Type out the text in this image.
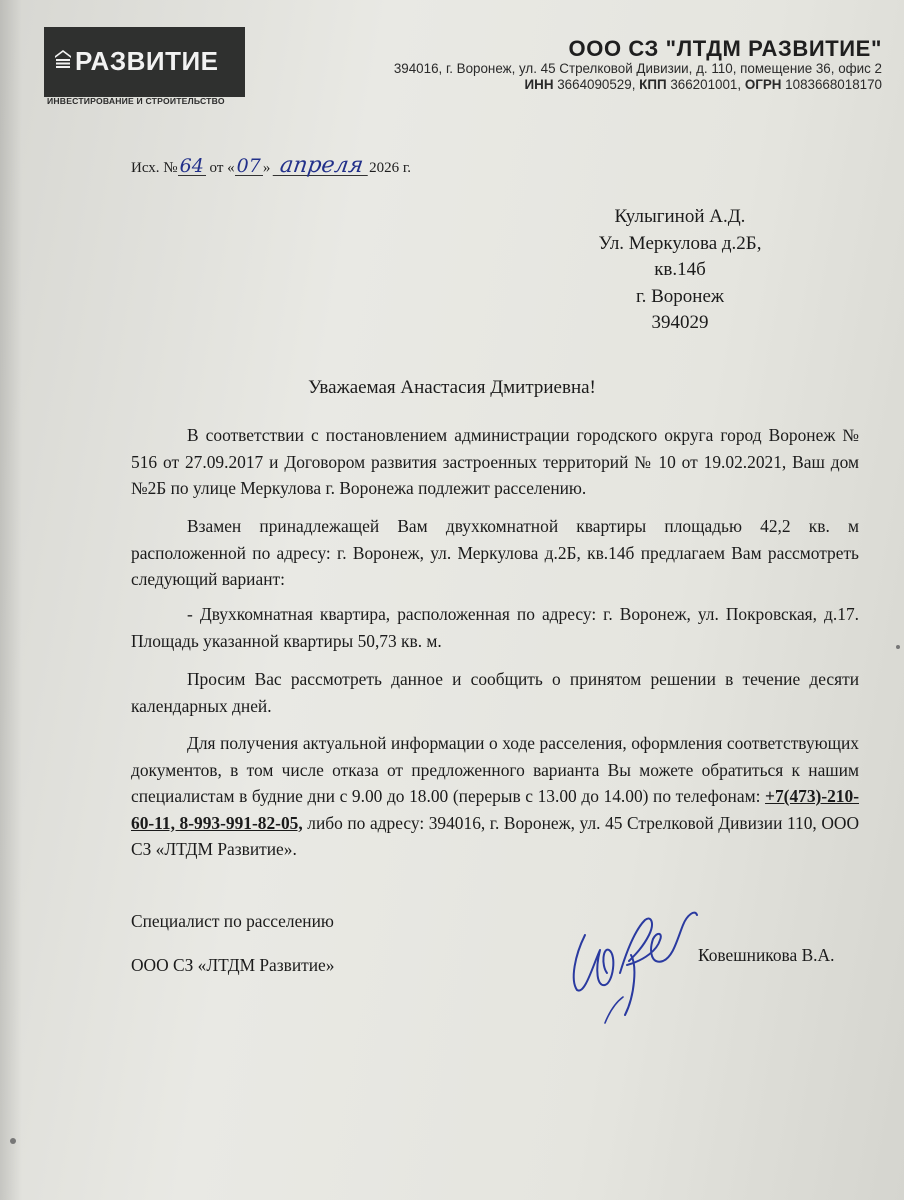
РАЗВИТИЕ
ИНВЕСТИРОВАНИЕ И СТРОИТЕЛЬСТВО
ООО СЗ "ЛТДМ РАЗВИТИЕ"
394016, г. Воронеж, ул. 45 Стрелковой Дивизии, д. 110, помещение 36, офис 2
ИНН 3664090529, КПП 366201001, ОГРН 1083668018170
Исх. № 64 от « 07 » апреля 2026 г.
Кулыгиной А.Д.
Ул. Меркулова д.2Б,
кв.14б
г. Воронеж
394029
Уважаемая Анастасия Дмитриевна!
В соответствии с постановлением администрации городского округа город Воронеж № 516 от 27.09.2017 и Договором развития застроенных территорий № 10 от 19.02.2021, Ваш дом №2Б по улице Меркулова г. Воронежа подлежит расселению.
Взамен принадлежащей Вам двухкомнатной квартиры площадью 42,2 кв. м расположенной по адресу: г. Воронеж, ул. Меркулова д.2Б, кв.14б предлагаем Вам рассмотреть следующий вариант:
- Двухкомнатная квартира, расположенная по адресу: г. Воронеж, ул. Покровская, д.17. Площадь указанной квартиры 50,73 кв. м.
Просим Вас рассмотреть данное и сообщить о принятом решении в течение десяти календарных дней.
Для получения актуальной информации о ходе расселения, оформления соответствующих документов, в том числе отказа от предложенного варианта Вы можете обратиться к нашим специалистам в будние дни с 9.00 до 18.00 (перерыв с 13.00 до 14.00) по телефонам: +7(473)-210-60-11, 8-993-991-82-05, либо по адресу: 394016, г. Воронеж, ул. 45 Стрелковой Дивизии 110, ООО СЗ «ЛТДМ Развитие».
Специалист по расселению
ООО СЗ «ЛТДМ Развитие»	Ковешникова В.А.
